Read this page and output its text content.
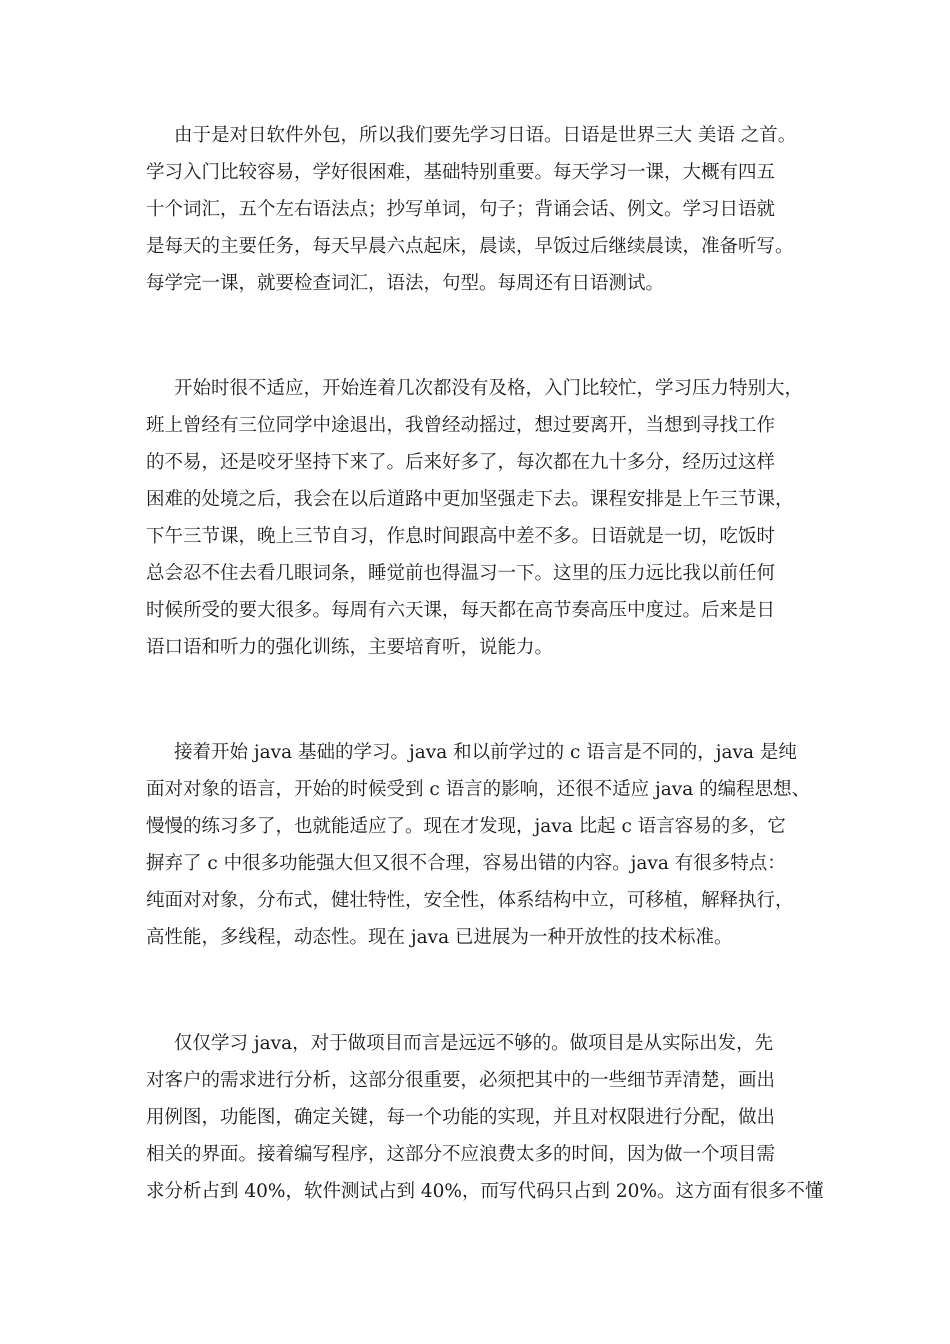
由于是对日软件外包，所以我们要先学习日语。日语是世界三大 美语 之首。
学习入门比较容易，学好很困难，基础特别重要。每天学习一课，大概有四五
十个词汇，五个左右语法点；抄写单词，句子；背诵会话、例文。学习日语就
是每天的主要任务，每天早晨六点起床，晨读，早饭过后继续晨读，准备听写。
每学完一课，就要检查词汇，语法，句型。每周还有日语测试。
开始时很不适应，开始连着几次都没有及格，入门比较忙，学习压力特别大，
班上曾经有三位同学中途退出，我曾经动摇过，想过要离开，当想到寻找工作
的不易，还是咬牙坚持下来了。后来好多了，每次都在九十多分，经历过这样
困难的处境之后，我会在以后道路中更加坚强走下去。课程安排是上午三节课，
下午三节课，晚上三节自习，作息时间跟高中差不多。日语就是一切，吃饭时
总会忍不住去看几眼词条，睡觉前也得温习一下。这里的压力远比我以前任何
时候所受的要大很多。每周有六天课，每天都在高节奏高压中度过。后来是日
语口语和听力的强化训练，主要培育听，说能力。
接着开始 java 基础的学习。java 和以前学过的 c 语言是不同的，java 是纯
面对对象的语言，开始的时候受到 c 语言的影响，还很不适应 java 的编程思想、
慢慢的练习多了，也就能适应了。现在才发现，java 比起 c 语言容易的多，它
摒弃了 c 中很多功能强大但又很不合理，容易出错的内容。java 有很多特点：
纯面对对象，分布式，健壮特性，安全性，体系结构中立，可移植，解释执行，
高性能，多线程，动态性。现在 java 已进展为一种开放性的技术标准。
仅仅学习 java，对于做项目而言是远远不够的。做项目是从实际出发，先
对客户的需求进行分析，这部分很重要，必须把其中的一些细节弄清楚，画出
用例图，功能图，确定关键，每一个功能的实现，并且对权限进行分配，做出
相关的界面。接着编写程序，这部分不应浪费太多的时间，因为做一个项目需
求分析占到 40%，软件测试占到 40%，而写代码只占到 20%。这方面有很多不懂
